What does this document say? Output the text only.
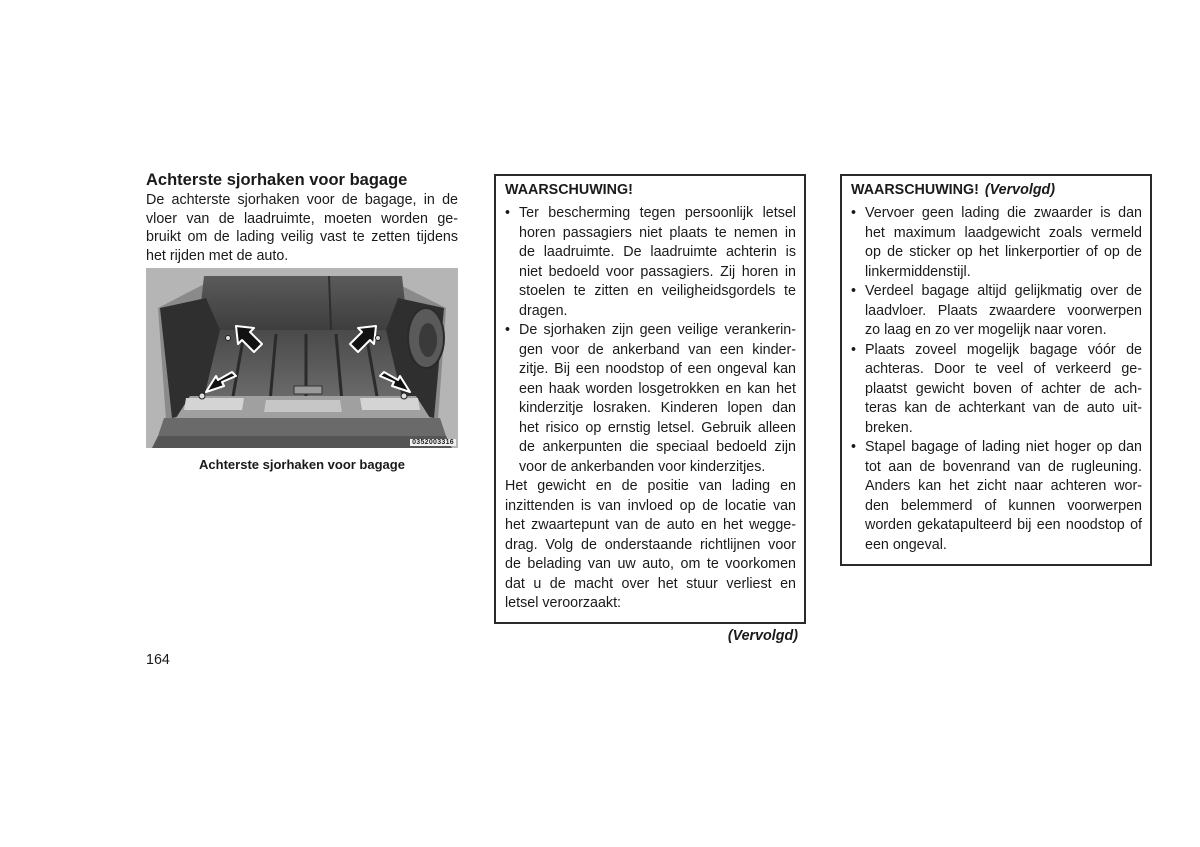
Achterste sjorhaken voor bagage
De achterste sjorhaken voor de bagage, in de
vloer van de laadruimte, moeten worden ge-
bruikt om de lading veilig vast te zetten tijdens
het rijden met de auto.
0352003316
Achterste sjorhaken voor bagage
WAARSCHUWING!
• Ter bescherming tegen persoonlijk letsel
horen passagiers niet plaats te nemen in
de laadruimte. De laadruimte achterin is
niet bedoeld voor passagiers. Zij horen in
stoelen te zitten en veiligheidsgordels te
dragen.
• De sjorhaken zijn geen veilige verankerin-
gen voor de ankerband van een kinder-
zitje. Bij een noodstop of een ongeval kan
een haak worden losgetrokken en kan het
kinderzitje losraken. Kinderen lopen dan
het risico op ernstig letsel. Gebruik alleen
de ankerpunten die speciaal bedoeld zijn
voor de ankerbanden voor kinderzitjes.
Het gewicht en de positie van lading en
inzittenden is van invloed op de locatie van
het zwaartepunt van de auto en het wegge-
drag. Volg de onderstaande richtlijnen voor
de belading van uw auto, om te voorkomen
dat u de macht over het stuur verliest en
letsel veroorzaakt:
(Vervolgd)
WAARSCHUWING! (Vervolgd)
• Vervoer geen lading die zwaarder is dan
het maximum laadgewicht zoals vermeld
op de sticker op het linkerportier of op de
linkermiddenstijl.
• Verdeel bagage altijd gelijkmatig over de
laadvloer. Plaats zwaardere voorwerpen
zo laag en zo ver mogelijk naar voren.
• Plaats zoveel mogelijk bagage vóór de
achteras. Door te veel of verkeerd ge-
plaatst gewicht boven of achter de ach-
teras kan de achterkant van de auto uit-
breken.
• Stapel bagage of lading niet hoger op dan
tot aan de bovenrand van de rugleuning.
Anders kan het zicht naar achteren wor-
den belemmerd of kunnen voorwerpen
worden gekatapulteerd bij een noodstop of
een ongeval.
164
